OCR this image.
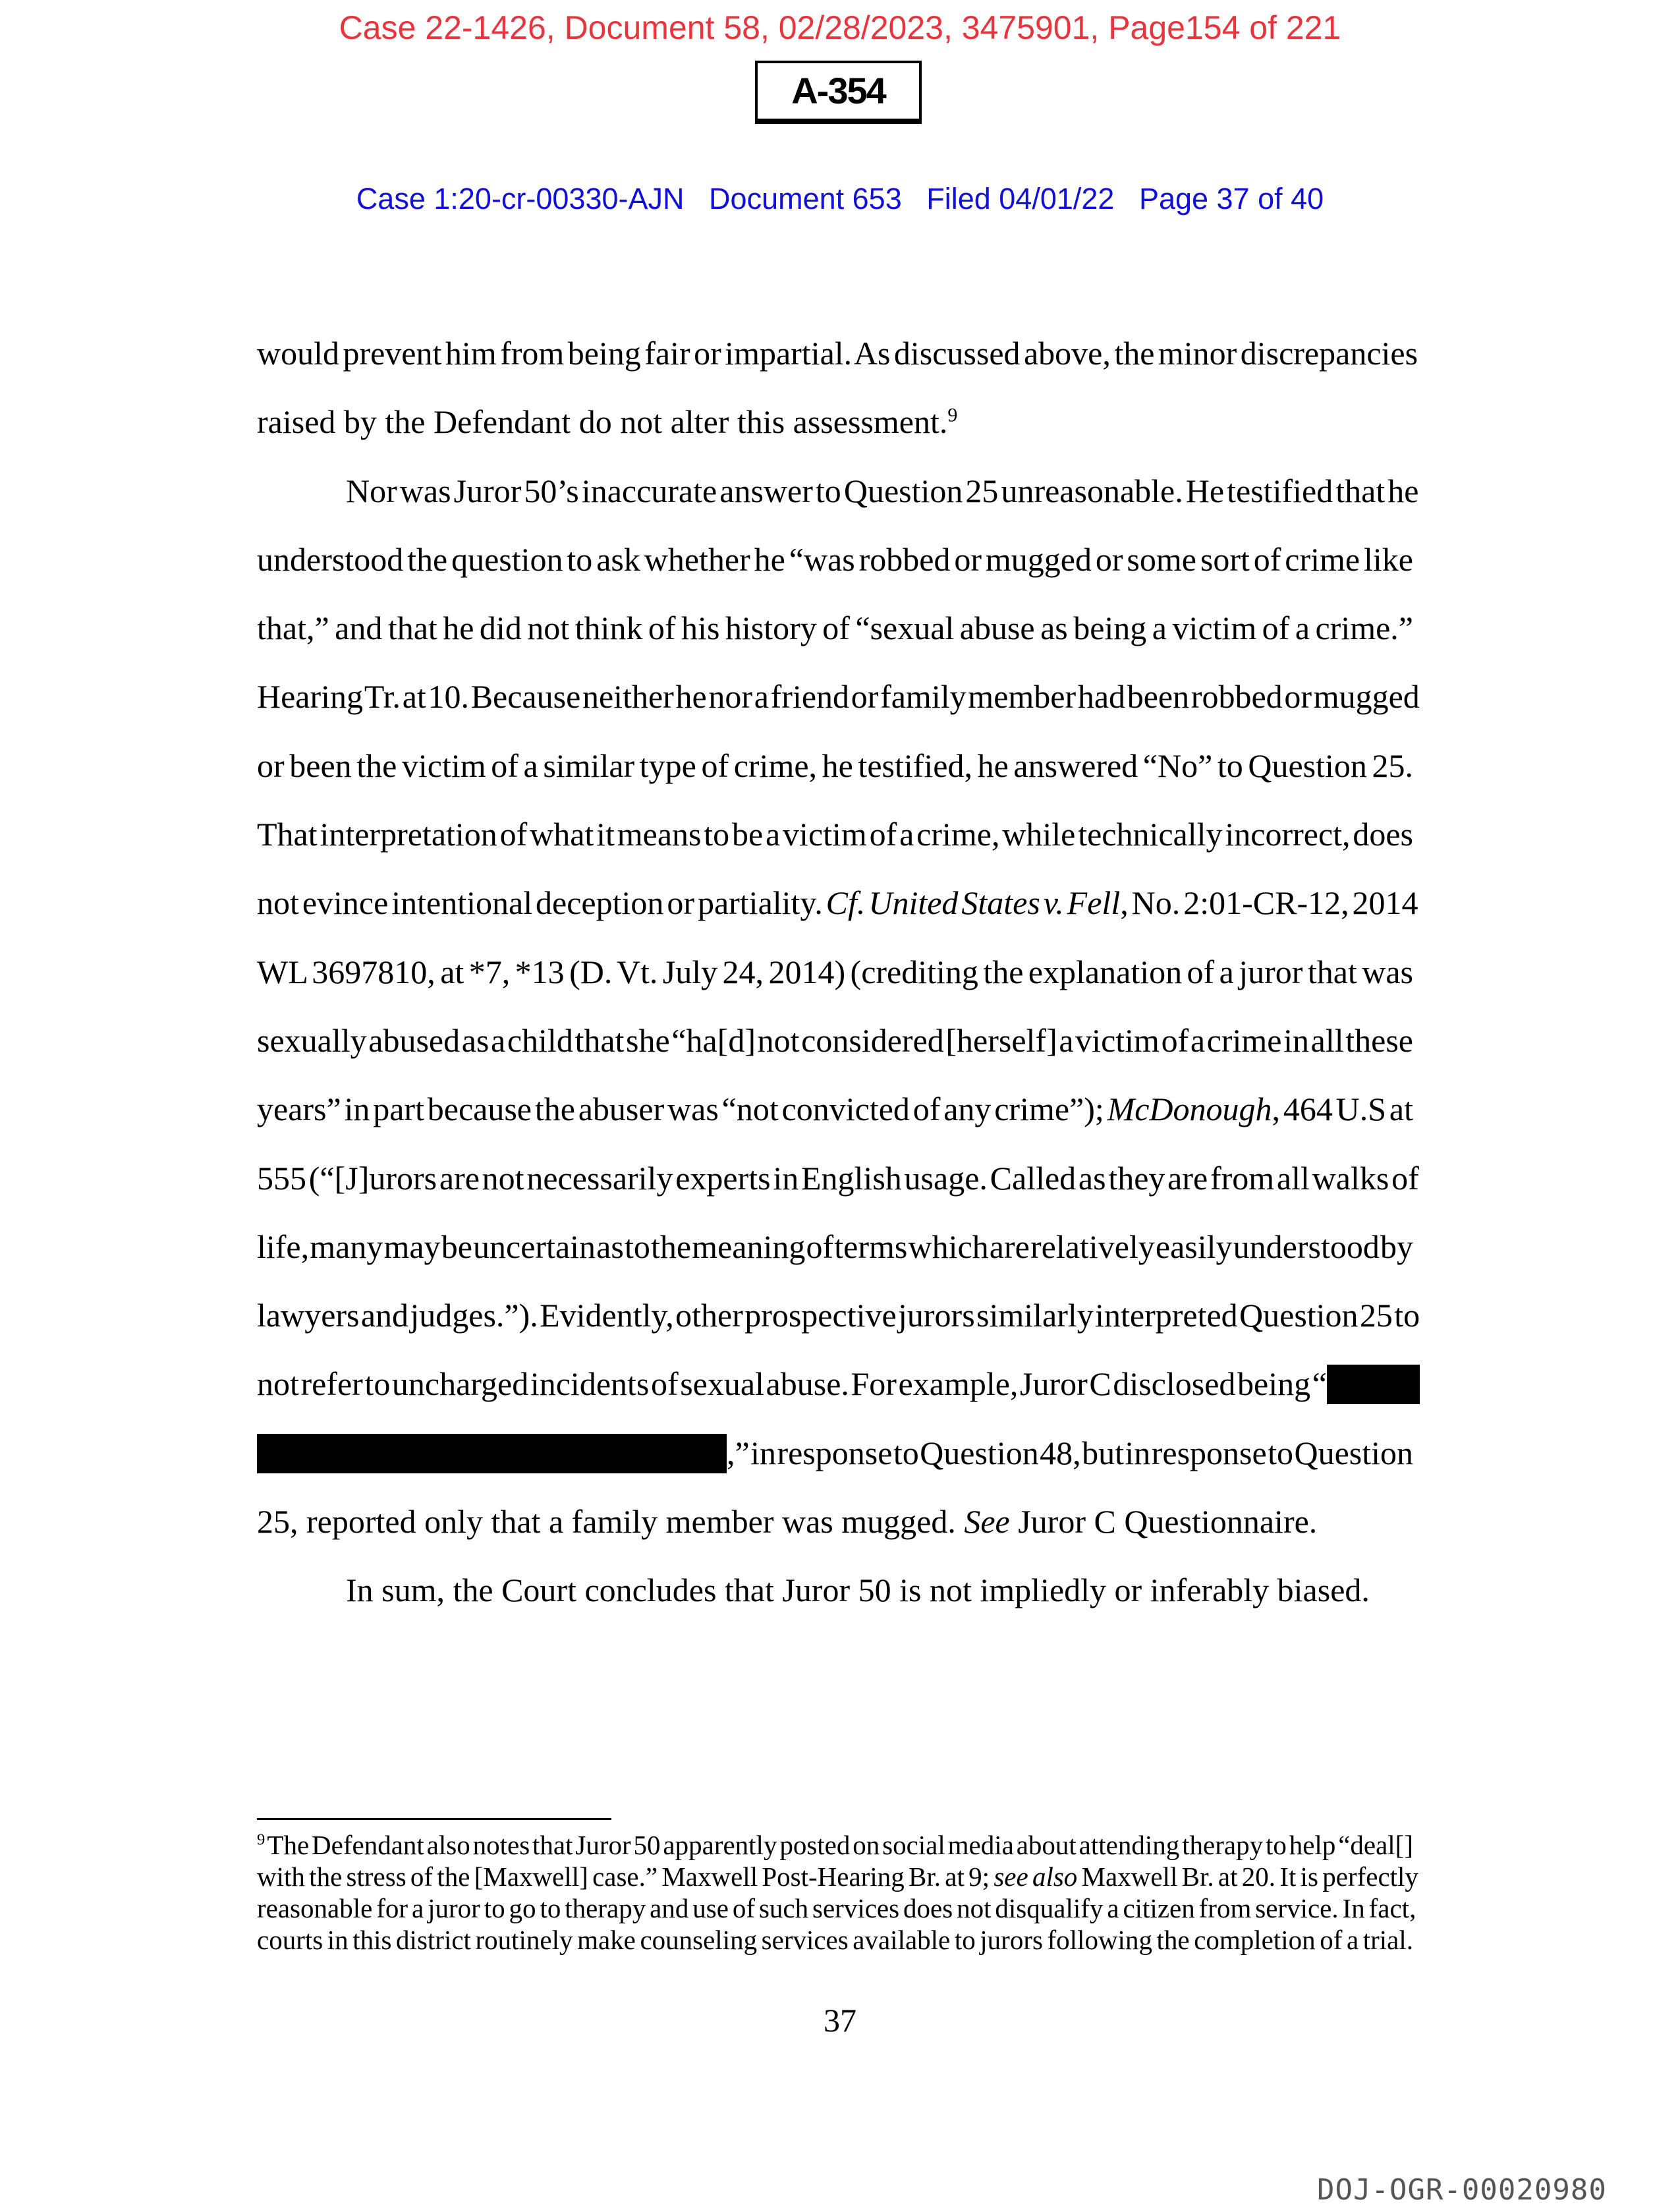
Case 22-1426, Document 58, 02/28/2023, 3475901, Page154 of 221
A-354
Case 1:20-cr-00330-AJN   Document 653   Filed 04/01/22   Page 37 of 40
would prevent him from being fair or impartial. As discussed above, the minor discrepancies
raised by the Defendant do not alter this assessment.$^9$
Nor was Juror 50’s inaccurate answer to Question 25 unreasonable. He testified that he
understood the question to ask whether he “was robbed or mugged or some sort of crime like
that,” and that he did not think of his history of “sexual abuse as being a victim of a crime.”
Hearing Tr. at 10. Because neither he nor a friend or family member had been robbed or mugged
or been the victim of a similar type of crime, he testified, he answered “No” to Question 25.
That interpretation of what it means to be a victim of a crime, while technically incorrect, does
not evince intentional deception or partiality. Cf. United States v. Fell, No. 2:01-CR-12, 2014
WL 3697810, at *7, *13 (D. Vt. July 24, 2014) (crediting the explanation of a juror that was
sexually abused as a child that she “ha[d] not considered [herself] a victim of a crime in all these
years” in part because the abuser was “not convicted of any crime”); McDonough, 464 U.S at
555 (“[J]urors are not necessarily experts in English usage. Called as they are from all walks of
life, many may be uncertain as to the meaning of terms which are relatively easily understood by
lawyers and judges.”). Evidently, other prospective jurors similarly interpreted Question 25 to
not refer to uncharged incidents of sexual abuse. For example, Juror C disclosed being “
,” in response to Question 48, but in response to Question
25, reported only that a family member was mugged. See Juror C Questionnaire.
In sum, the Court concludes that Juror 50 is not impliedly or inferably biased.
$^9$ The Defendant also notes that Juror 50 apparently posted on social media about attending therapy to help “deal[]
with the stress of the [Maxwell] case.” Maxwell Post-Hearing Br. at 9; see also Maxwell Br. at 20. It is perfectly
reasonable for a juror to go to therapy and use of such services does not disqualify a citizen from service. In fact,
courts in this district routinely make counseling services available to jurors following the completion of a trial.
37
DOJ-OGR-00020980
